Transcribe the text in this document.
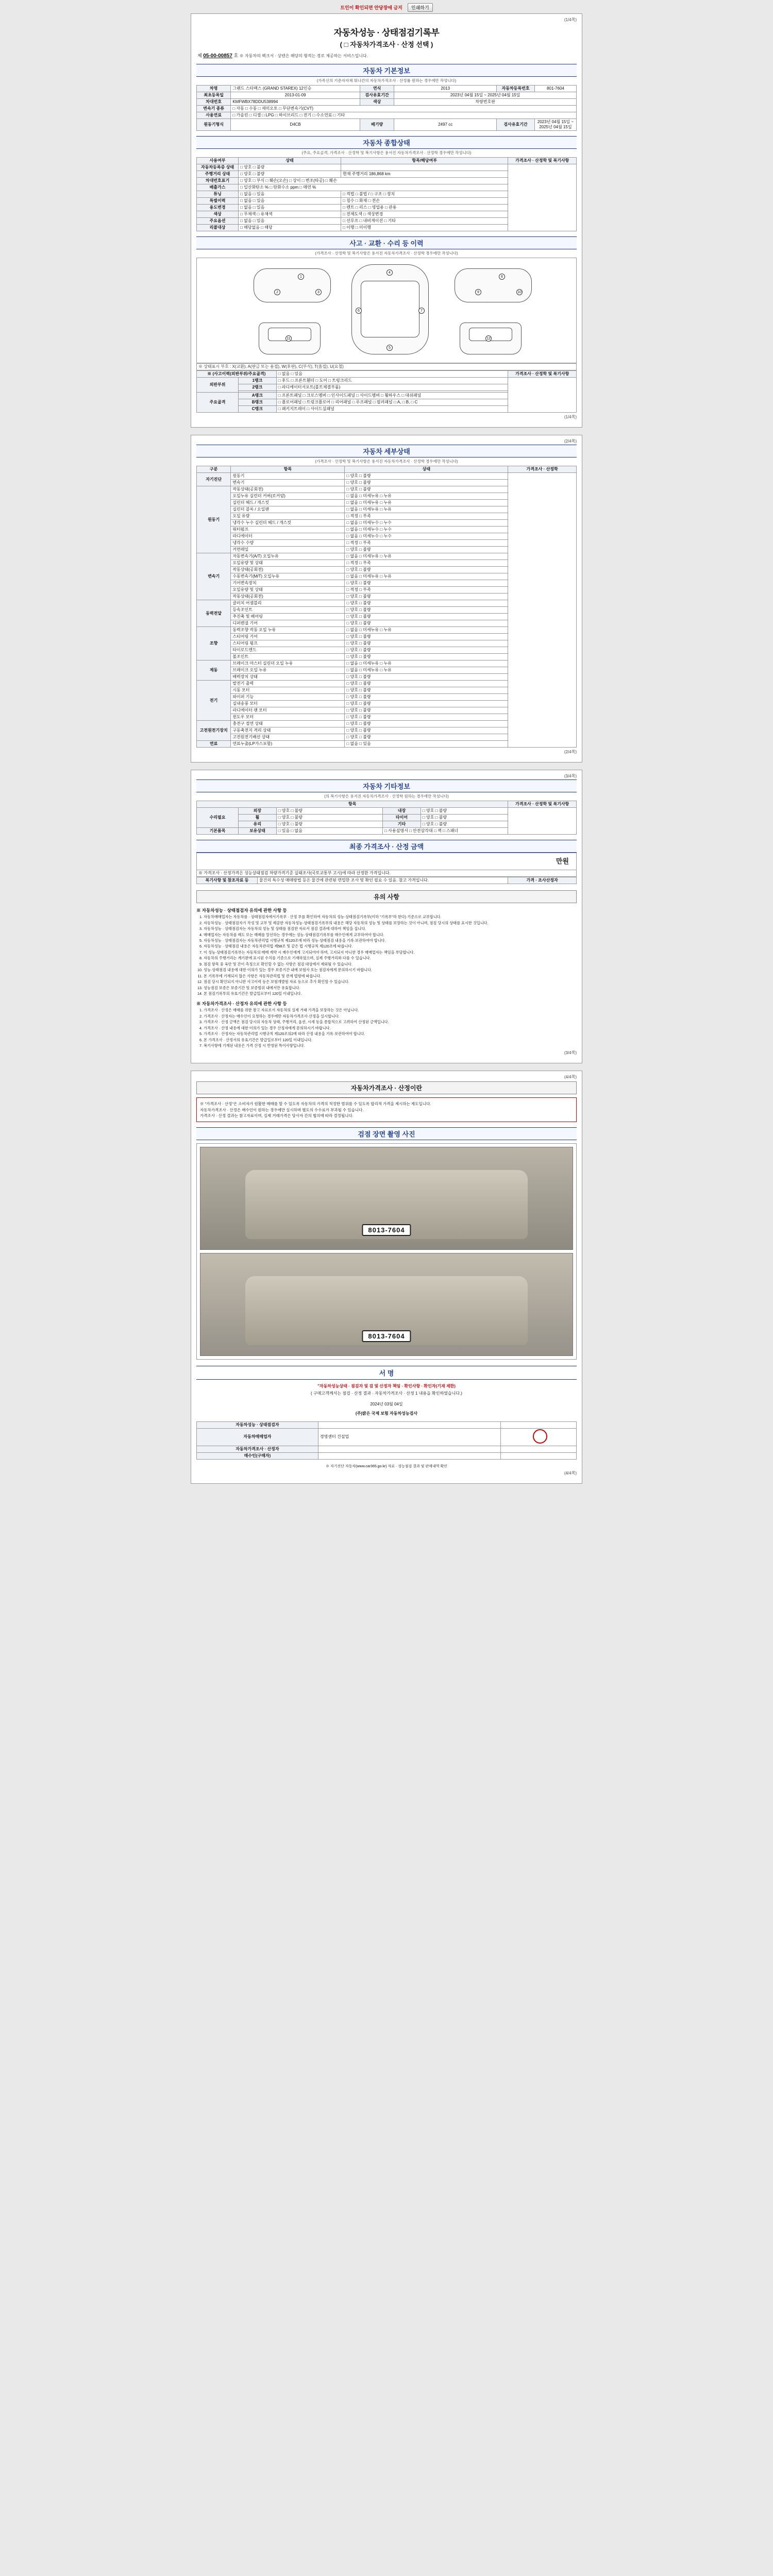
트인이 확인되면 안당장애 금지	인쇄하기
(1/4쪽)
자동차성능 · 상태점검기록부
( □ 자동차가격조사 · 산정 선택 )
제 05-00-00857 호 ※ 자동차의 팩크서 · 상텐은 해당의 형적는 경로 제공하는 서비스입니다.
자동차 기본정보
(가족신의 기준자자체 뭐나간의 자동차가적조사 · 산정률 원하는 경우에만 작성니다)
차명	그랜드 스타렉스 (GRAND STAREX) 12인승	연식	2013	자동차등록번호	801-7604
최초등록일	2013-01-09	검사유효기간	2023년 04월 15일 ~ 2025년 04월 15일		
차대번호	KMFWBX78DDU538994	색상	차량번호판		
변속기 종류	□ 자동 □ 수동 □ 세미오토 □ 무단변속기(CVT)				
사용연료	□ 가솔린 □ 디젤 □ LPG □ 하이브리드 □ 전기 □ 수소연료 □ 기타				
원동기형식	D4CB	배기량	2497 cc	검사유효기간	2023년 04월 15일 ~ 2025년 04월 15일
자동차 종합상태
(주요, 주요골격, 가격조사 · 산정학 및 복기사항은 용서진 자동차가격조사 · 산정학 경우에만 작성니다)
사용여부	상태	항목/해당여부	가격조사 · 산정학 및 복기사항
자동차등록증 상태	□ 양호 □ 불량		
주행거리 상태	□ 양호 □ 불량	현재 주행거리 186,868 km	
차대번호표기	□ 양호 □ 부식 □ 훼손(오손) □ 상이 □ 변조(타공) □ 훼손		
배출가스	□ 일산화탄소 % □ 탄화수소 ppm □ 매연 %		
튜닝	□ 없음 □ 있음	□ 적법 □ 불법 / □ 구조 □ 장치	
특별이력	□ 없음 □ 있음	□ 침수 □ 화재 □ 전손	
용도변경	□ 없음 □ 있음	□ 렌트 □ 리스 □ 영업용 □ 관용	
색상	□ 무채색 □ 유채색	□ 전체도색 □ 색상변경	
주요옵션	□ 없음 □ 있음	□ 선루프 □ 내비게이션 □ 기타	
리콜대상	□ 해당없음 □ 해당	□ 이행 □ 미이행	
사고 · 교환 · 수리 등 이력
(가격조사 · 산정학 및 복기사항은 용서진 자동차가격조사 · 산정학 경우에만 작성니다)
1
2	3
4
5
6	7
8
9	10
11	12
※ 상태표시 부호 : X(교환), A(판금 또는 용접), W(후판), C(부식), T(흠집), U(요철)
※ (사고이력(외판부위/주요골격)		□ 없음 □ 있음	가격조사 · 산정학 및 복기사항
외판부위	1랭크	□ 후드 □ 프론트휀더 □ 도어 □ 트렁크리드	
	2랭크	□ 라디에이터서포트(볼트체결부품)	

주요골격	A랭크	□ 프론트패널 □ 크로스멤버 □ 인사이드패널 □ 사이드멤버 □ 휠하우스 □ 대쉬패널	
	B랭크	□ 플로어패널 □ 트렁크플로어 □ 리어패널 □ 루프패널 □ 필러패널 □ A, □ B, □ C	
	C랭크	□ 패키지트레이 □ 사이드실패널	
(1/4쪽)
(2/4쪽)
자동차 세부상태
(가격조사 · 산정학 및 복기사항은 용서진 자동차가격조사 · 산정학 경우에만 작성니다)
구분	항목	상태	가격조사 · 산정학
자기진단	원동기	□ 양호 □ 불량	
	변속기	□ 양호 □ 불량	
원동기	작동상태(공회전)	□ 양호 □ 불량	
	오일누유 실린더 커버(로커암)	□ 없음 □ 미세누유 □ 누유	
	실린더 헤드 / 개스킷	□ 없음 □ 미세누유 □ 누유	
	실린더 블록 / 오일팬	□ 없음 □ 미세누유 □ 누유	
	오일 유량	□ 적정 □ 부족	
	냉각수 누수 실린더 헤드 / 개스킷	□ 없음 □ 미세누수 □ 누수	
	워터펌프	□ 없음 □ 미세누수 □ 누수	
	라디에이터	□ 없음 □ 미세누수 □ 누수	
	냉각수 수량	□ 적정 □ 부족	
	커먼레일	□ 양호 □ 불량	
변속기	자동변속기(A/T) 오일누유	□ 없음 □ 미세누유 □ 누유	
	오일유량 및 상태	□ 적정 □ 부족	
	작동상태(공회전)	□ 양호 □ 불량	
	수동변속기(M/T) 오일누유	□ 없음 □ 미세누유 □ 누유	
	기어변속장치	□ 양호 □ 불량	
	오일유량 및 상태	□ 적정 □ 부족	
	작동상태(공회전)	□ 양호 □ 불량	
동력전달	클러치 어셈블리	□ 양호 □ 불량	
	등속조인트	□ 양호 □ 불량	
	추진축 및 베어링	□ 양호 □ 불량	
	디퍼렌셜 기어	□ 양호 □ 불량	
조향	동력조향 작동 오일 누유	□ 없음 □ 미세누유 □ 누유	
	스티어링 기어	□ 양호 □ 불량	
	스티어링 펌프	□ 양호 □ 불량	
	타이로드엔드	□ 양호 □ 불량	
	볼조인트	□ 양호 □ 불량	
제동	브레이크 마스터 실린더 오일 누유	□ 없음 □ 미세누유 □ 누유	
	브레이크 오일 누유	□ 없음 □ 미세누유 □ 누유	
	배력장치 상태	□ 양호 □ 불량	
전기	발전기 출력	□ 양호 □ 불량	
	시동 모터	□ 양호 □ 불량	
	와이퍼 기능	□ 양호 □ 불량	
	실내송풍 모터	□ 양호 □ 불량	
	라디에이터 팬 모터	□ 양호 □ 불량	
	윈도우 모터	□ 양호 □ 불량	
고전원전기장치	충전구 절연 상태	□ 양호 □ 불량	
	구동축전지 격리 상태	□ 양호 □ 불량	
	고전원전기배선 상태	□ 양호 □ 불량	
연료	연료누출(LP가스포함)	□ 없음 □ 있음	
(2/4쪽)
(3/4쪽)
자동차 기타정보
(의 복기사항은 용서진 자동차가격조사 · 산정학 원하는 경우에만 작성니다)
항목					가격조사 · 산정학 및 복기사항
수리필요	외장	□ 양호 □ 불량	내장	□ 양호 □ 불량	
	휠	□ 양호 □ 불량	타이어	□ 양호 □ 불량	
	유리	□ 양호 □ 불량	기타	□ 양호 □ 불량	
기본품목	보유상태	□ 있음 □ 없음	□ 사용설명서 □ 안전삼각대 □ 잭 □ 스패너		
최종 가격조사 · 산정 금액
만원
※ 가격조사 · 산정가격은 성능상태점검 차량가격기준 실태조사(국토교통부 고시)에 따라 산정한 가격입니다.
복기사항 및 참조자료 등	물건의 특수성 매매방법 등은 물건에 관련된 면밀한 조사 및 확인 필요 수 있음. 참고 가격입니다.	가격 · 조사산정자
유의 사항
※ 자동차성능 · 상태점검자 유의에 관한 사항 등
1. 자동차매매업자는 자동차를 · 상태점검자에서기록부 · 산정 부를 확인하여 자동차의 성능·상태점검기록부(이하 "기록부"라 한다) 기준으로 교부합니다.
2. 자동차성능 · 상태점검자가 작성 및 교부 및 제공한 자동차성능·상태점검기록부의 내용은 해당 자동차의 성능 및 상태를 보장하는 것이 아니며, 점검 당시의 상태를 표시한 것입니다.
3. 자동차성능 · 상태점검자는 자동차의 성능 및 상태를 점검한 자로서 점검 결과에 대하여 책임을 집니다.
4. 매매업자는 자동차를 매도 또는 매매를 알선하는 경우에는 성능·상태점검기록부를 매수인에게 교부하여야 합니다.
5. 자동차성능 · 상태점검자는 자동차관리법 시행규칙 제120조에 따라 성능·상태점검 내용을 기록·보관하여야 합니다.
6. 자동차성능 · 상태점검 내용은 자동차관리법 제58조 및 같은 법 시행규칙 제120조에 따릅니다.
7. 이 성능·상태점검기록부는 자동차의 매매 계약 시 매수인에게 고지되어야 하며, 고지되지 아니한 경우 매매업자는 책임을 부담합니다.
8. 자동차의 주행거리는 계기판에 표시된 수치를 기준으로 기재하였으며, 실제 주행거리와 다를 수 있습니다.
9. 점검 항목 중 육안 및 간이 측정으로 확인할 수 없는 사항은 점검 대상에서 제외될 수 있습니다.
10. 성능·상태점검 내용에 대한 이의가 있는 경우 보증기간 내에 보험사 또는 점검자에게 문의하시기 바랍니다.
11. 본 기록부에 기재되지 않은 사항은 자동차관리법 및 관계 법령에 따릅니다.
12. 점검 당시 확인되지 아니한 사고이력 등은 보험개발원 자료 등으로 추가 확인할 수 있습니다.
13. 성능점검 보증은 보증기간 및 보증범위 내에서만 유효합니다.
14. 본 점검기록부의 유효기간은 발급일로부터 120일 이내입니다.
※ 자동차가격조사 · 산정자 유의에 관한 사항 등
1. 가격조사 · 산정은 매매를 위한 참고 자료로서 자동차의 실제 거래 가격을 보장하는 것은 아닙니다.
2. 가격조사 · 산정자는 매수인이 요청하는 경우에만 자동차가격조사·산정을 실시합니다.
3. 가격조사 · 산정 금액은 점검 당시의 자동차 상태, 주행거리, 옵션, 시세 등을 종합적으로 고려하여 산정된 금액입니다.
4. 가격조사 · 산정 내용에 대한 이의가 있는 경우 산정자에게 문의하시기 바랍니다.
5. 가격조사 · 산정자는 자동차관리법 시행규칙 제120조의2에 따라 산정 내용을 기록·보관하여야 합니다.
6. 본 가격조사 · 산정서의 유효기간은 발급일로부터 120일 이내입니다.
7. 복기사항에 기재된 내용은 가격 산정 시 반영된 특이사항입니다.
(3/4쪽)
(4/4쪽)
자동차가격조사 · 산정이란
※ "가격조사 · 산정"은 소비자가 원활한 매매를 할 수 있도록 자동차의 가격의 적정한 범위를 수 있도록 합리적 가격을 제시하는 제도입니다.
자동차가격조사 · 산정은 매수인이 원하는 경우에만 실시하며 별도의 수수료가 부과될 수 있습니다.
가격조사 · 산정 결과는 참고자료이며, 실제 거래가격은 당사자 간의 협의에 따라 결정됩니다.
검점 장면 촬영 사진
8013-7604
8013-7604
서 명
"자동차성능상태 · 점검자 및 검 및 산정자 책임 · 확인사항 · 확인자(기재 제한)
( 구매고객께서는 점검 · 산정 결과 · 자동차가격조사 · 산정 1 내용을 확인하였습니다.)
2024년 03월 04일
(주)밝은 국제 보험 자동차성능검사
자동차성능 · 상태점검자		
자동차매매업자	경영센터 건설업	
자동차가격조사 · 산정자		
매수인(구매자)		
※ 자기진단 자동차(www.car365.go.kr) 자료 · 성능점검 결과 및 판매내역 확인
(4/4쪽)
